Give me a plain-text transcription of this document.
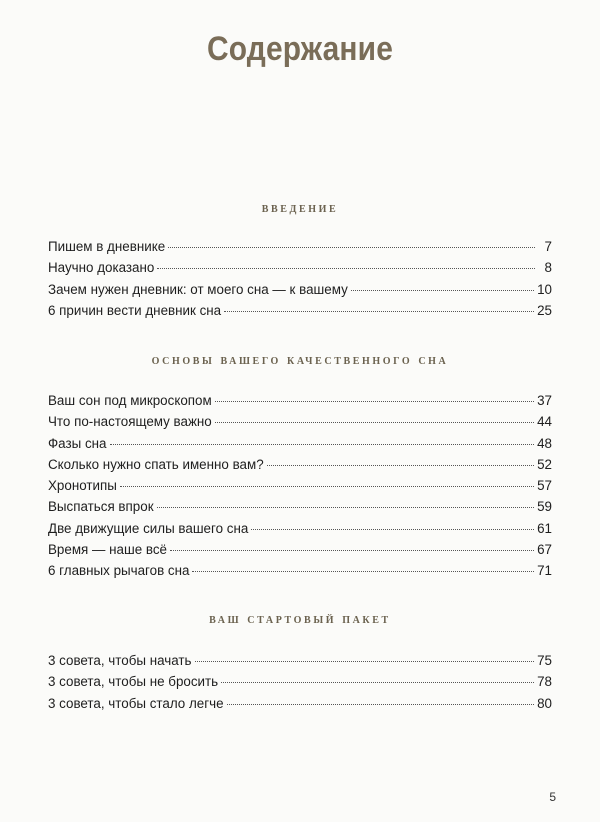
Содержание
введение
Пишем в дневнике	7
Научно доказано	8
Зачем нужен дневник: от моего сна — к вашему	10
6 причин вести дневник сна	25
основы вашего качественного сна
Ваш сон под микроскопом	37
Что по-настоящему важно	44
Фазы сна	48
Сколько нужно спать именно вам?	52
Хронотипы	57
Выспаться впрок	59
Две движущие силы вашего сна	61
Время — наше всё	67
6 главных рычагов сна	71
ваш стартовый пакет
3 совета, чтобы начать	75
3 совета, чтобы не бросить	78
3 совета, чтобы стало легче	80
5
